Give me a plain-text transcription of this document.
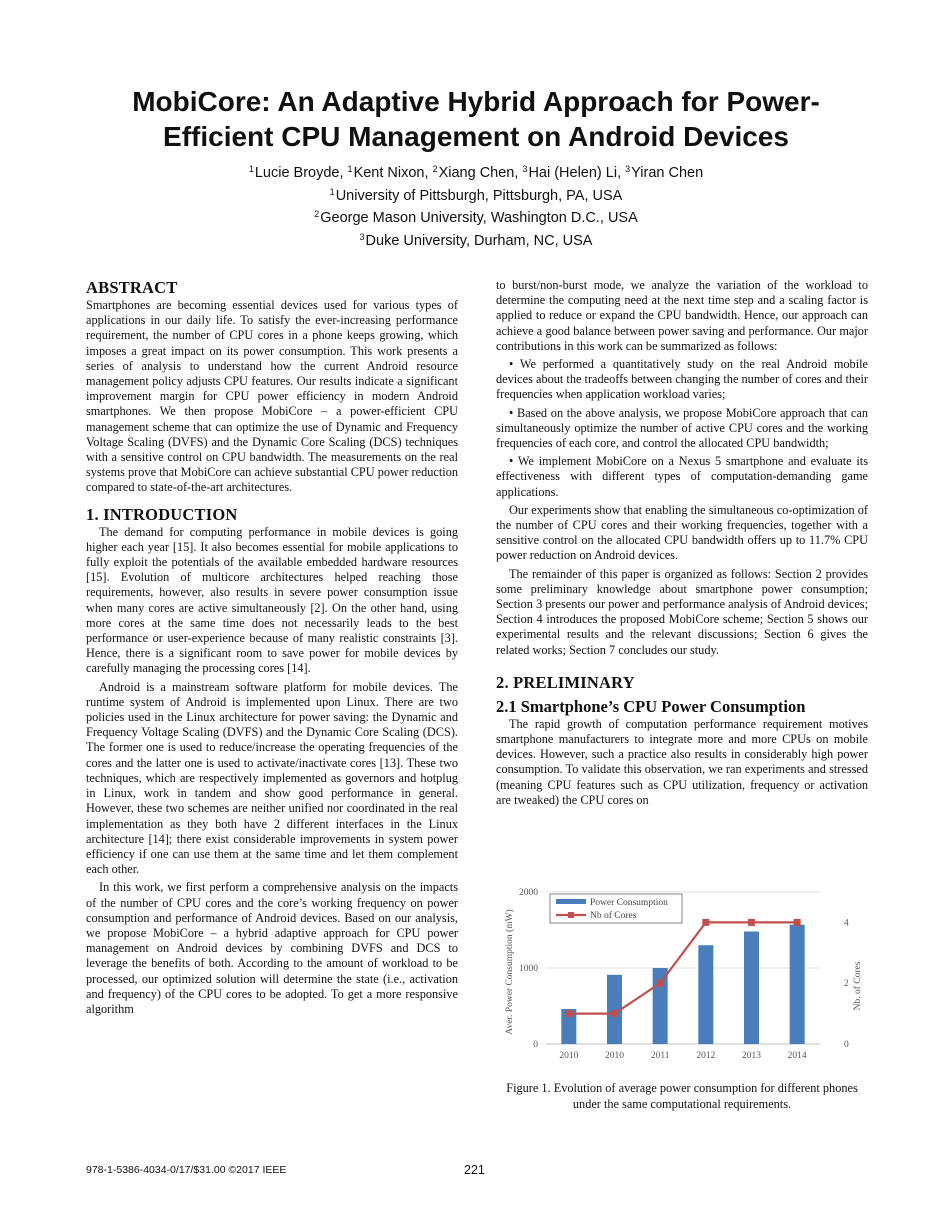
MobiCore: An Adaptive Hybrid Approach for Power-
Efficient CPU Management on Android Devices
$^1$Lucie Broyde, $^1$Kent Nixon, $^2$Xiang Chen, $^3$Hai (Helen) Li, $^3$Yiran Chen
$^1$University of Pittsburgh, Pittsburgh, PA, USA
$^2$George Mason University, Washington D.C., USA
$^3$Duke University, Durham, NC, USA
ABSTRACT

Smartphones are becoming essential devices used for various types of applications in our daily life. To satisfy the ever-increasing performance requirement, the number of CPU cores in a phone keeps growing, which imposes a great impact on its power consumption. This work presents a series of analysis to understand how the current Android resource management policy adjusts CPU features. Our results indicate a significant improvement margin for CPU power efficiency in modern Android smartphones. We then propose MobiCore – a power-efficient CPU management scheme that can optimize the use of Dynamic and Frequency Voltage Scaling (DVFS) and the Dynamic Core Scaling (DCS) techniques with a sensitive control on CPU bandwidth. The measurements on the real systems prove that MobiCore can achieve substantial CPU power reduction compared to state-of-the-art architectures.

1. INTRODUCTION

The demand for computing performance in mobile devices is going higher each year [15]. It also becomes essential for mobile applications to fully exploit the potentials of the available embedded hardware resources [15]. Evolution of multicore architectures helped reaching those requirements, however, also results in severe power consumption issue when many cores are active simultaneously [2]. On the other hand, using more cores at the same time does not necessarily leads to the best performance or user-experience because of many realistic constraints [3]. Hence, there is a significant room to save power for mobile devices by carefully managing the processing cores [14].

Android is a mainstream software platform for mobile devices. The runtime system of Android is implemented upon Linux. There are two policies used in the Linux architecture for power saving: the Dynamic and Frequency Voltage Scaling (DVFS) and the Dynamic Core Scaling (DCS). The former one is used to reduce/increase the operating frequencies of the cores and the latter one is used to activate/inactivate cores [13]. These two techniques, which are respectively implemented as governors and hotplug in Linux, work in tandem and show good performance in general. However, these two schemes are neither unified nor coordinated in the real implementation as they both have 2 different interfaces in the Linux architecture [14]; there exist considerable improvements in system power efficiency if one can use them at the same time and let them complement each other.

In this work, we first perform a comprehensive analysis on the impacts of the number of CPU cores and the core’s working frequency on power consumption and performance of Android devices. Based on our analysis, we propose MobiCore – a hybrid adaptive approach for CPU power management on Android devices by combining DVFS and DCS to leverage the benefits of both. According to the amount of workload to be processed, our optimized solution will determine the state (i.e., activation and frequency) of the CPU cores to be adopted. To get a more responsive algorithm

to burst/non-burst mode, we analyze the variation of the workload to determine the computing need at the next time step and a scaling factor is applied to reduce or expand the CPU bandwidth. Hence, our approach can achieve a good balance between power saving and performance. Our major contributions in this work can be summarized as follows:

• We performed a quantitatively study on the real Android mobile devices about the tradeoffs between changing the number of cores and their frequencies when application workload varies;

• Based on the above analysis, we propose MobiCore approach that can simultaneously optimize the number of active CPU cores and the working frequencies of each core, and control the allocated CPU bandwidth;

• We implement MobiCore on a Nexus 5 smartphone and evaluate its effectiveness with different types of computation-demanding game applications.

Our experiments show that enabling the simultaneous co-optimization of the number of CPU cores and their working frequencies, together with a sensitive control on the allocated CPU bandwidth offers up to 11.7% CPU power reduction on Android devices.

The remainder of this paper is organized as follows: Section 2 provides some preliminary knowledge about smartphone power consumption; Section 3 presents our power and performance analysis of Android devices; Section 4 introduces the proposed MobiCore scheme; Section 5 shows our experimental results and the relevant discussions; Section 6 gives the related works; Section 7 concludes our study.

2. PRELIMINARY
2.1 Smartphone’s CPU Power Consumption

The rapid growth of computation performance requirement motives smartphone manufacturers to integrate more and more CPUs on mobile devices. However, such a practice also results in considerably high power consumption. To validate this observation, we ran experiments and stressed (meaning CPU features such as CPU utilization, frequency or activation are tweaked) the CPU cores on

2010	2010	2011	2012	2013	2014
0
1000
2000
0
2
4
Aver. Power Consumption (mW)	Nb. of Cores
Power Consumption
Nb of Cores
Figure 1. Evolution of average power consumption for different phones under the same computational requirements.
978-1-5386-4034-0/17/$31.00 ©2017 IEEE	221
